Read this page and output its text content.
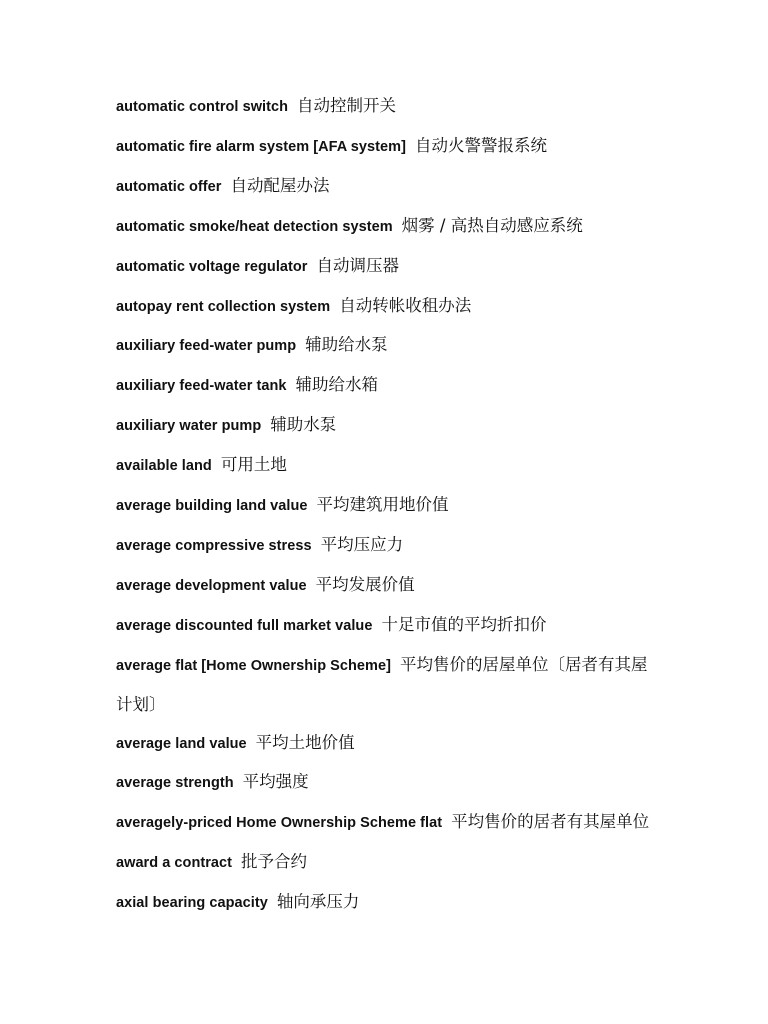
automatic control switch 自动控制开关

automatic fire alarm system [AFA system] 自动火警警报系统

automatic offer 自动配屋办法

automatic smoke/heat detection system 烟雾 / 高热自动感应系统

automatic voltage regulator 自动调压器

autopay rent collection system 自动转帐收租办法

auxiliary feed-water pump 辅助给水泵

auxiliary feed-water tank 辅助给水箱

auxiliary water pump 辅助水泵

available land 可用土地

average building land value 平均建筑用地价值

average compressive stress 平均压应力

average development value 平均发展价值

average discounted full market value 十足市值的平均折扣价

average flat [Home Ownership Scheme] 平均售价的居屋单位〔居者有其屋计划〕

average land value 平均土地价值

average strength 平均强度

averagely-priced Home Ownership Scheme flat 平均售价的居者有其屋单位

award a contract 批予合约

axial bearing capacity 轴向承压力
